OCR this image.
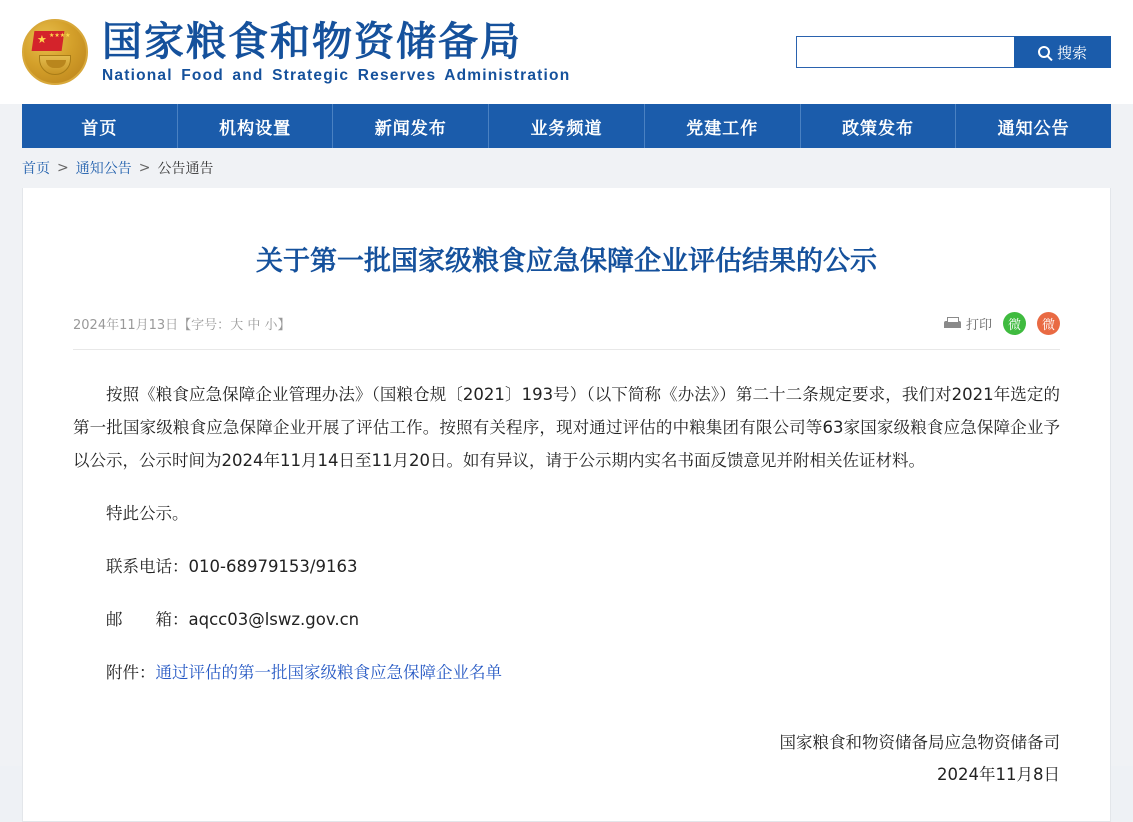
★ ★★★★ 国家粮食和物资储备局
National Food and Strategic Reserves Administration
搜索
首页	机构设置	新闻发布	业务频道	党建工作	政策发布	通知公告
首页 > 通知公告 > 公告通告
关于第一批国家级粮食应急保障企业评估结果的公示
2024年11月13日【字号：大 中 小】	打印	微	微

按照《粮食应急保障企业管理办法》（国粮仓规〔2021〕193号）（以下简称《办法》）第二十二条规定要求，我们对2021年选定的第一批国家级粮食应急保障企业开展了评估工作。按照有关程序，现对通过评估的中粮集团有限公司等63家国家级粮食应急保障企业予以公示，公示时间为2024年11月14日至11月20日。如有异议，请于公示期内实名书面反馈意见并附相关佐证材料。

特此公示。

联系电话：010-68979153/9163

邮　　箱：aqcc03@lswz.gov.cn

附件：通过评估的第一批国家级粮食应急保障企业名单

国家粮食和物资储备局应急物资储备司
2024年11月8日
